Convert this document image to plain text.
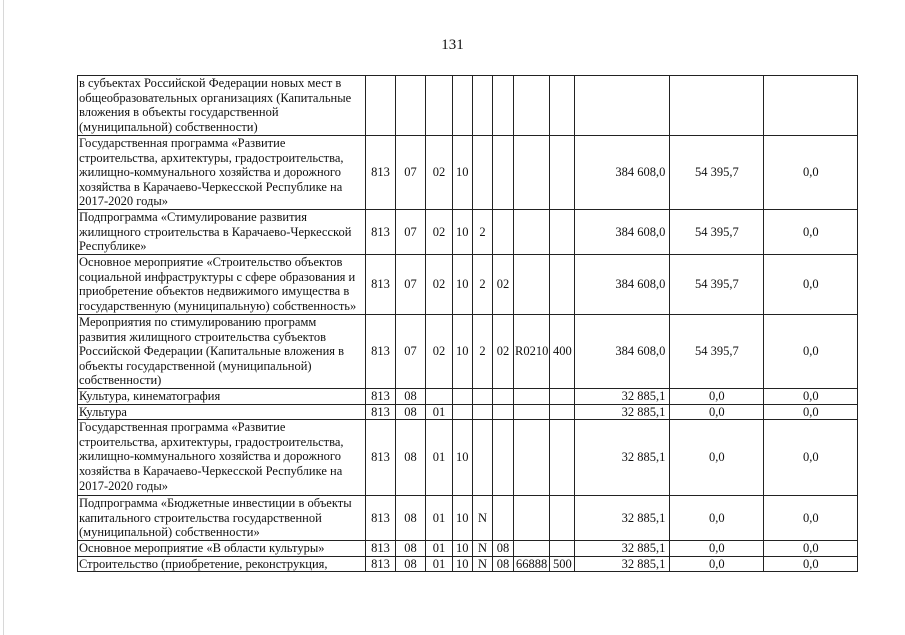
131
в субъектах Российской Федерации новых мест в общеобразовательных организациях (Капитальные вложения в объекты государственной (муниципальной) собственности)											
Государственная программа «Развитие строительства, архитектуры, градостроительства, жилищно-коммунального хозяйства и дорожного хозяйства в Карачаево-Черкесской Республике на 2017-2020 годы»	813	07	02	10					384 608,0	54 395,7	0,0
Подпрограмма «Стимулирование развития жилищного строительства в Карачаево-Черкесской Республике»	813	07	02	10	2				384 608,0	54 395,7	0,0
Основное мероприятие «Строительство объектов социальной инфраструктуры с сфере образования и приобретение объектов недвижимого имущества в государственную (муниципальную) собственность»	813	07	02	10	2	02			384 608,0	54 395,7	0,0
Мероприятия по стимулированию программ развития жилищного строительства субъектов Российской Федерации (Капитальные вложения в объекты государственной (муниципальной) собственности)	813	07	02	10	2	02	R0210	400	384 608,0	54 395,7	0,0
Культура, кинематография	813	08							32 885,1	0,0	0,0
Культура	813	08	01						32 885,1	0,0	0,0
Государственная программа «Развитие строительства, архитектуры, градостроительства, жилищно-коммунального хозяйства и дорожного хозяйства в Карачаево-Черкесской Республике на 2017-2020 годы»	813	08	01	10					32 885,1	0,0	0,0
Подпрограмма «Бюджетные инвестиции в объекты капитального строительства государственной (муниципальной) собственности»	813	08	01	10	N				32 885,1	0,0	0,0
Основное мероприятие «В области культуры»	813	08	01	10	N	08			32 885,1	0,0	0,0
Строительство (приобретение, реконструкция,	813	08	01	10	N	08	66888	500	32 885,1	0,0	0,0
